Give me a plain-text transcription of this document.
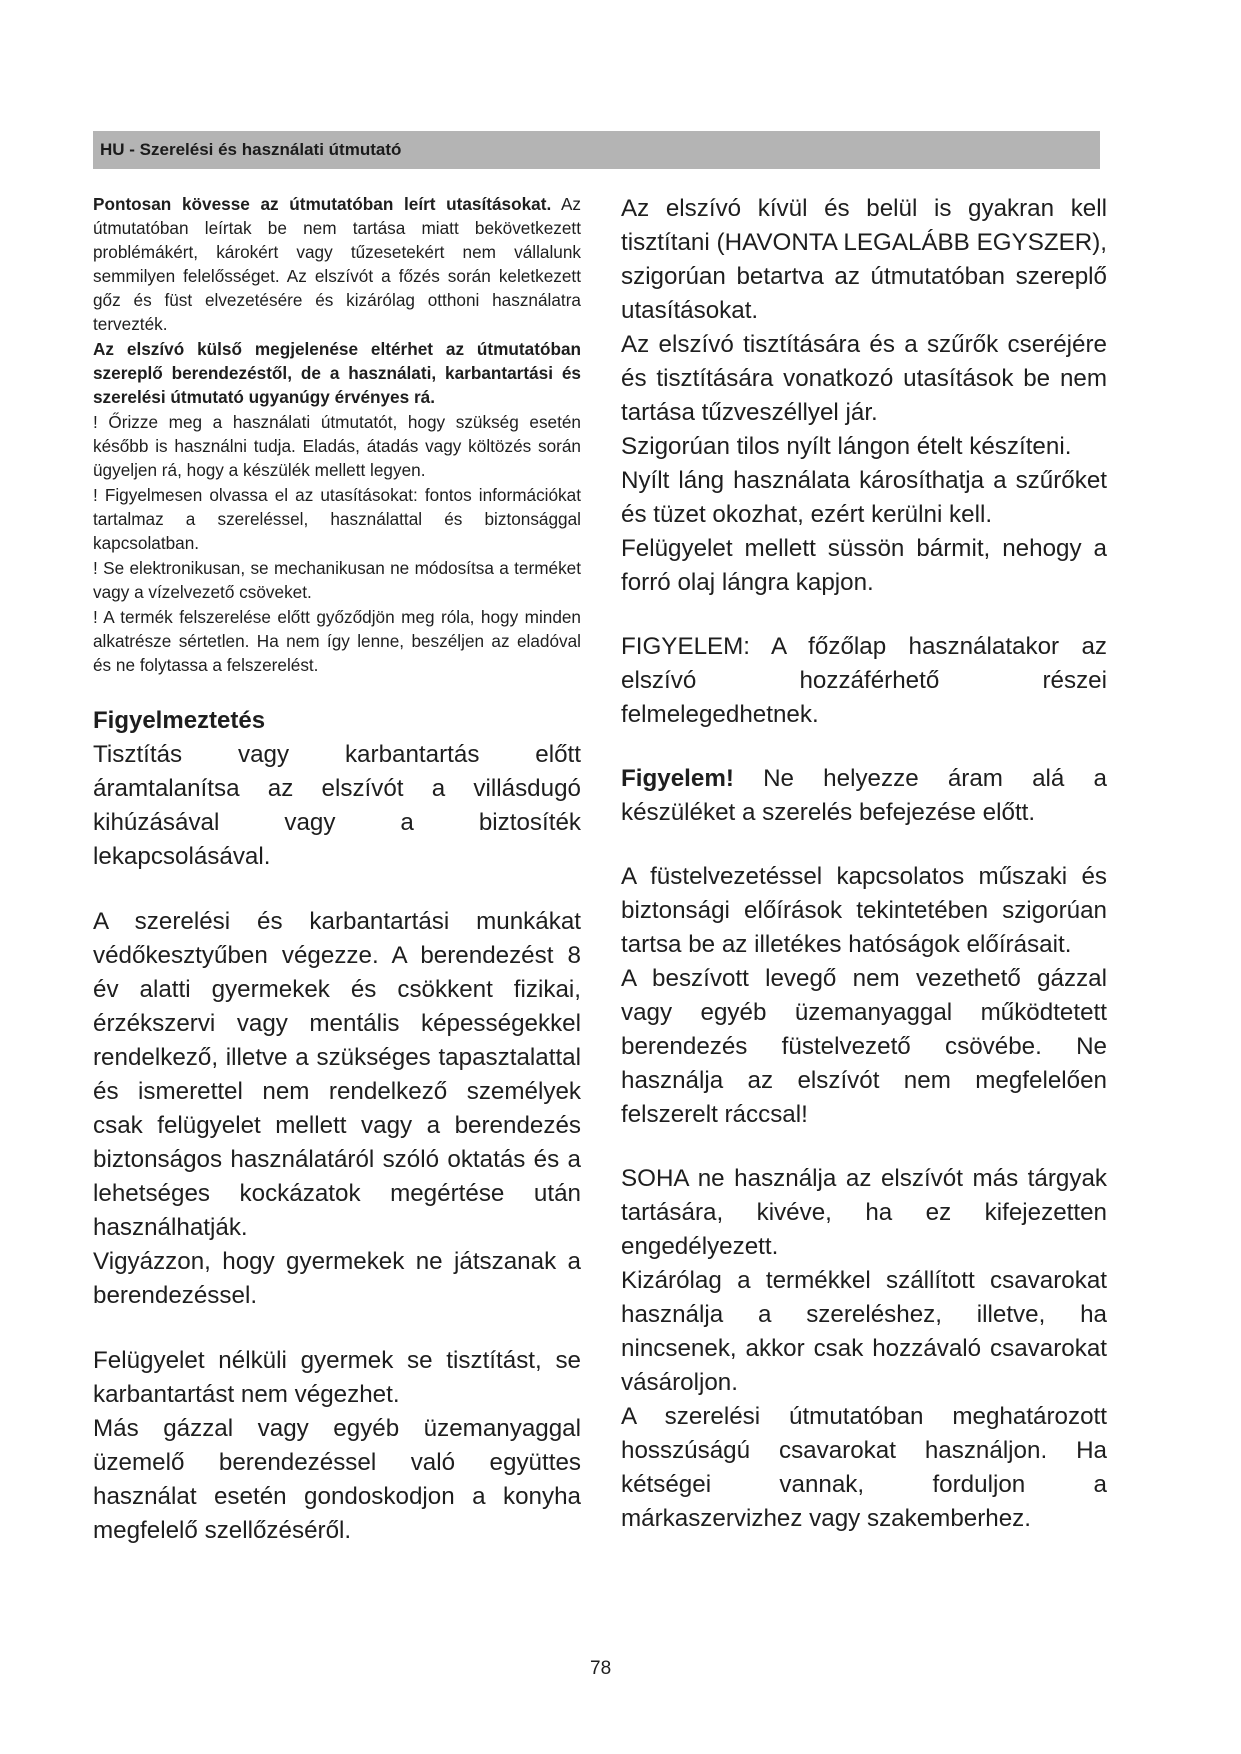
HU - Szerelési és használati útmutató

Pontosan kövesse az útmutatóban leírt utasításokat. Az útmutatóban leírtak be nem tartása miatt bekövetkezett problémákért, károkért vagy tűzesetekért nem vállalunk semmilyen felelősséget. Az elszívót a főzés során keletkezett gőz és füst elvezetésére és kizárólag otthoni használatra tervezték.

Az elszívó külső megjelenése eltérhet az útmutatóban szereplő berendezéstől, de a használati, karbantartási és szerelési útmutató ugyanúgy érvényes rá.

! Őrizze meg a használati útmutatót, hogy szükség esetén később is használni tudja. Eladás, átadás vagy költözés során ügyeljen rá, hogy a készülék mellett legyen.

! Figyelmesen olvassa el az utasításokat: fontos információkat tartalmaz a szereléssel, használattal és biztonsággal kapcsolatban.

! Se elektronikusan, se mechanikusan ne módosítsa a terméket vagy a vízelvezető csöveket.

! A termék felszerelése előtt győződjön meg róla, hogy minden alkatrésze sértetlen. Ha nem így lenne, beszéljen az eladóval és ne folytassa a felszerelést.

Figyelmeztetés

Tisztítás vagy karbantartás előtt áramtalanítsa az elszívót a villásdugó kihúzásával vagy a biztosíték lekapcsolásával.

A szerelési és karbantartási munkákat védőkesztyűben végezze. A berendezést 8 év alatti gyermekek és csökkent fizikai, érzékszervi vagy mentális képességekkel rendelkező, illetve a szükséges tapasztalattal és ismerettel nem rendelkező személyek csak felügyelet mellett vagy a berendezés biztonságos használatáról szóló oktatás és a lehetséges kockázatok megértése után használhatják.

Vigyázzon, hogy gyermekek ne játszanak a berendezéssel.

Felügyelet nélküli gyermek se tisztítást, se karbantartást nem végezhet.

Más gázzal vagy egyéb üzemanyaggal üzemelő berendezéssel való együttes használat esetén gondoskodjon a konyha megfelelő szellőzéséről.

Az elszívó kívül és belül is gyakran kell tisztítani (HAVONTA LEGALÁBB EGYSZER), szigorúan betartva az útmutatóban szereplő utasításokat.

Az elszívó tisztítására és a szűrők cseréjére és tisztítására vonatkozó utasítások be nem tartása tűzveszéllyel jár.

Szigorúan tilos nyílt lángon ételt készíteni.

Nyílt láng használata károsíthatja a szűrőket és tüzet okozhat, ezért kerülni kell.

Felügyelet mellett süssön bármit, nehogy a forró olaj lángra kapjon.

FIGYELEM: A főzőlap használatakor az elszívó hozzáférhető részei felmelegedhetnek.

Figyelem! Ne helyezze áram alá a készüléket a szerelés befejezése előtt.

A füstelvezetéssel kapcsolatos műszaki és biztonsági előírások tekintetében szigorúan tartsa be az illetékes hatóságok előírásait.

A beszívott levegő nem vezethető gázzal vagy egyéb üzemanyaggal működtetett berendezés füstelvezető csövébe. Ne használja az elszívót nem megfelelően felszerelt ráccsal!

SOHA ne használja az elszívót más tárgyak tartására, kivéve, ha ez kifejezetten engedélyezett.

Kizárólag a termékkel szállított csavarokat használja a szereléshez, illetve, ha nincsenek, akkor csak hozzávaló csavarokat vásároljon.

A szerelési útmutatóban meghatározott hosszúságú csavarokat használjon. Ha kétségei vannak, forduljon a márkaszervizhez vagy szakemberhez.

78
